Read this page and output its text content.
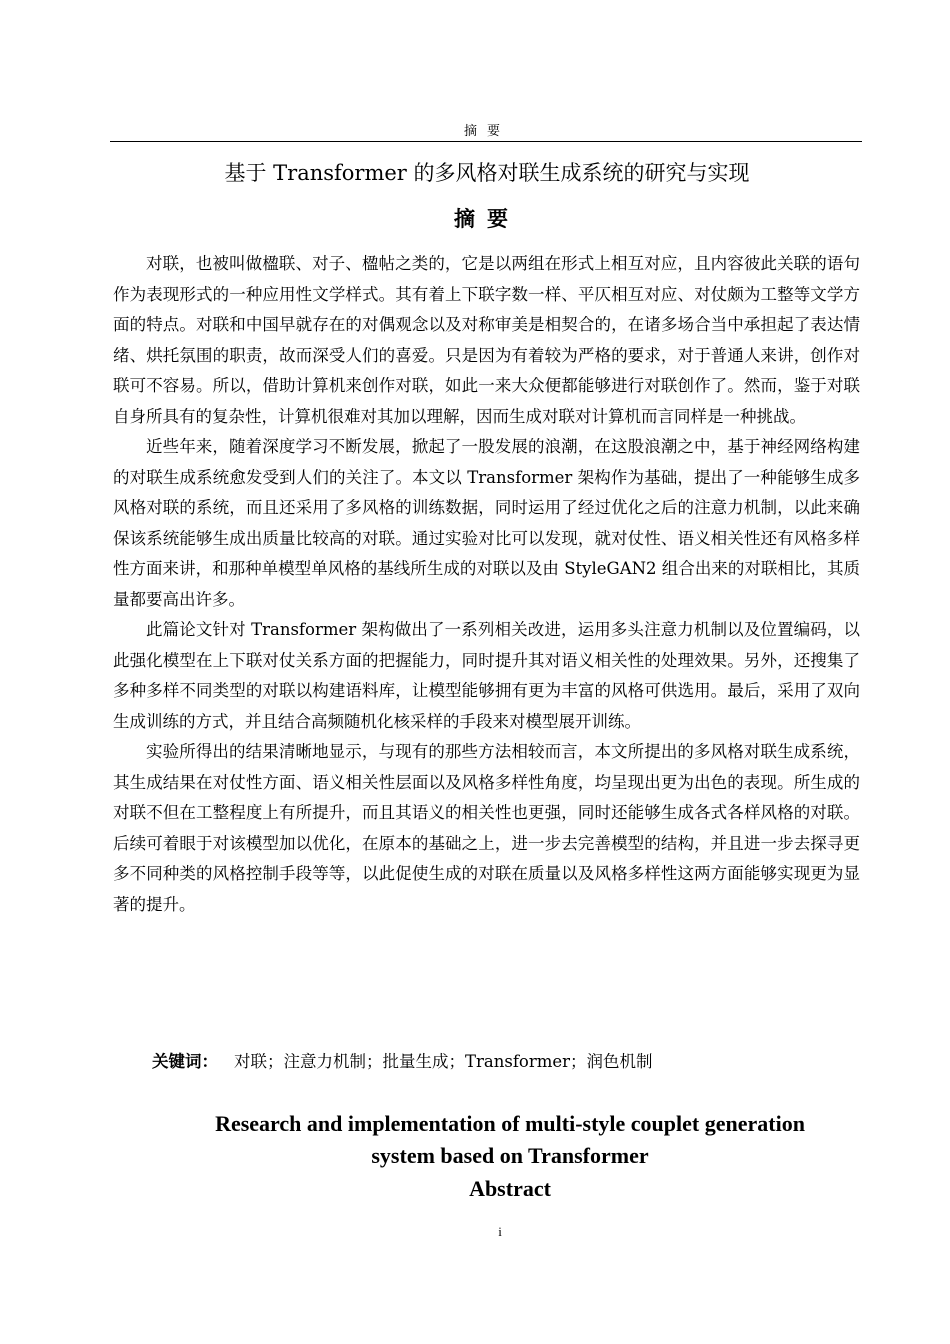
摘要
基于 Transformer 的多风格对联生成系统的研究与实现
摘要

对联，也被叫做楹联、对子、楹帖之类的，它是以两组在形式上相互对应，且内容彼此关联的语句作为表现形式的一种应用性文学样式。其有着上下联字数一样、平仄相互对应、对仗颇为工整等文学方面的特点。对联和中国早就存在的对偶观念以及对称审美是相契合的，在诸多场合当中承担起了表达情绪、烘托氛围的职责，故而深受人们的喜爱。只是因为有着较为严格的要求，对于普通人来讲，创作对联可不容易。所以，借助计算机来创作对联，如此一来大众便都能够进行对联创作了。然而，鉴于对联自身所具有的复杂性，计算机很难对其加以理解，因而生成对联对计算机而言同样是一种挑战。

近些年来，随着深度学习不断发展，掀起了一股发展的浪潮，在这股浪潮之中，基于神经网络构建的对联生成系统愈发受到人们的关注了。本文以 Transformer 架构作为基础，提出了一种能够生成多风格对联的系统，而且还采用了多风格的训练数据，同时运用了经过优化之后的注意力机制，以此来确保该系统能够生成出质量比较高的对联。通过实验对比可以发现，就对仗性、语义相关性还有风格多样性方面来讲，和那种单模型单风格的基线所生成的对联以及由 StyleGAN2 组合出来的对联相比，其质量都要高出许多。

此篇论文针对 Transformer 架构做出了一系列相关改进，运用多头注意力机制以及位置编码，以此强化模型在上下联对仗关系方面的把握能力，同时提升其对语义相关性的处理效果。另外，还搜集了多种多样不同类型的对联以构建语料库，让模型能够拥有更为丰富的风格可供选用。最后，采用了双向生成训练的方式，并且结合高频随机化核采样的手段来对模型展开训练。

实验所得出的结果清晰地显示，与现有的那些方法相较而言，本文所提出的多风格对联生成系统，其生成结果在对仗性方面、语义相关性层面以及风格多样性角度，均呈现出更为出色的表现。所生成的对联不但在工整程度上有所提升，而且其语义的相关性也更强，同时还能够生成各式各样风格的对联。后续可着眼于对该模型加以优化，在原本的基础之上，进一步去完善模型的结构，并且进一步去探寻更多不同种类的风格控制手段等等，以此促使生成的对联在质量以及风格多样性这两方面能够实现更为显著的提升。

关键词： 对联；注意力机制；批量生成；Transformer；润色机制
Research and implementation of multi-style couplet generation
system based on Transformer
Abstract
i
